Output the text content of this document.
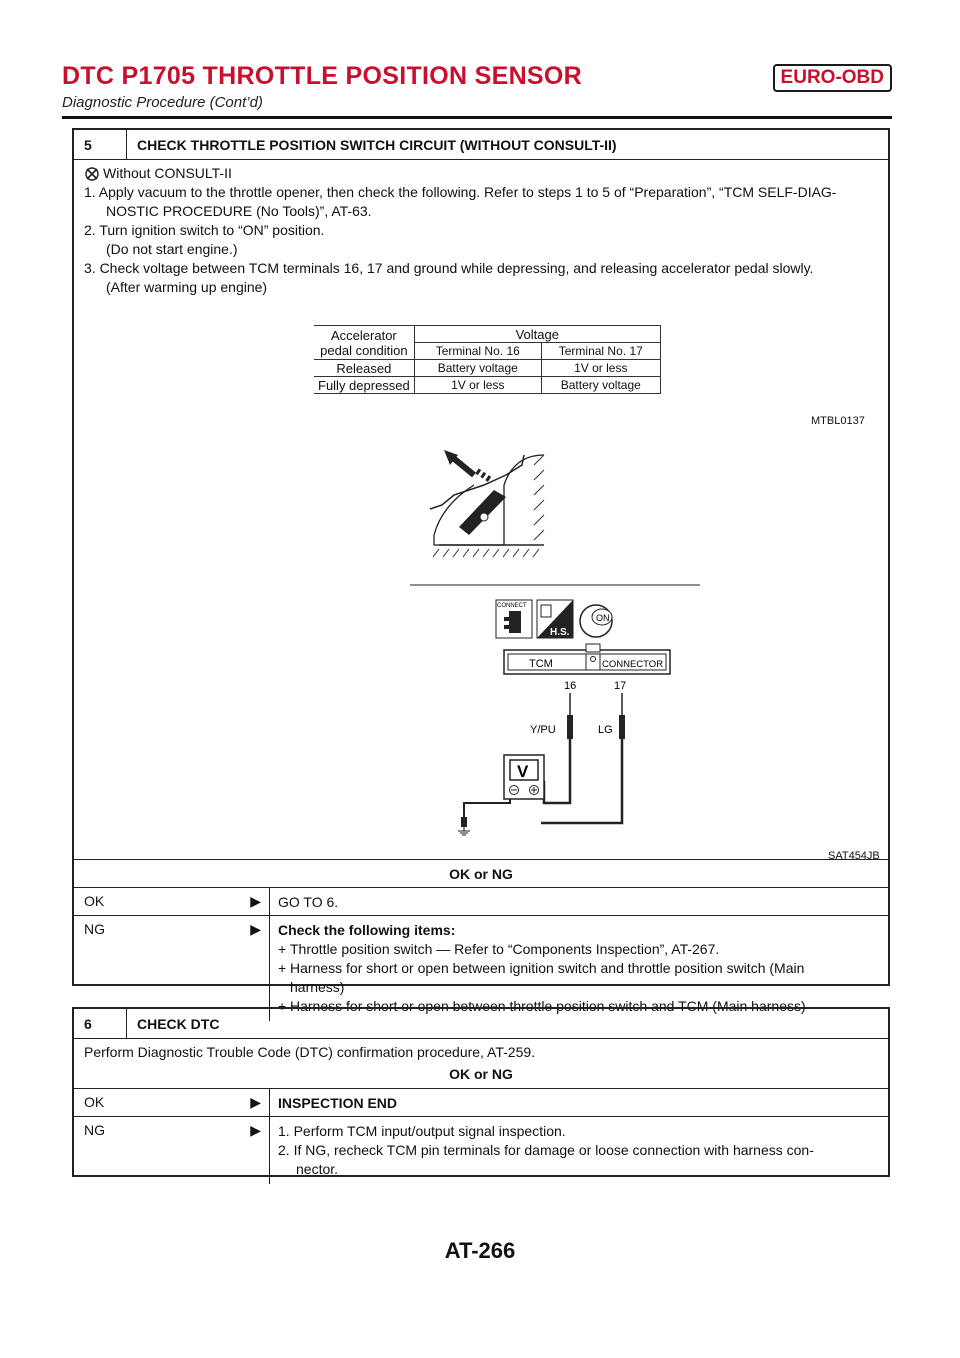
DTC P1705 THROTTLE POSITION SENSOR	EURO-OBD
Diagnostic Procedure (Cont’d)
5	CHECK THROTTLE POSITION SWITCH CIRCUIT (WITHOUT CONSULT-II)
Without CONSULT-II
1. Apply vacuum to the throttle opener, then check the following. Refer to steps 1 to 5 of “Preparation”, “TCM SELF-DIAG-
NOSTIC PROCEDURE (No Tools)”, AT-63.
2. Turn ignition switch to “ON” position.
(Do not start engine.)
3. Check voltage between TCM terminals 16, 17 and ground while depressing, and releasing accelerator pedal slowly.
(After warming up engine)
Accelerator
pedal condition	Voltage	
	Terminal No. 16	Terminal No. 17
Released	Battery voltage	1V or less
Fully depressed	1V or less	Battery voltage
MTBL0137
CONNECT
H.S.
ON
TCM	CONNECTOR
16	17
Y/PU	LG
V
SAT454JB
OK or NG
OK	▶	GO TO 6.
NG	▶ Check the following items:
+ Throttle position switch — Refer to “Components Inspection”, AT-267.
+ Harness for short or open between ignition switch and throttle position switch (Main
harness)
+ Harness for short or open between throttle position switch and TCM (Main harness)
6	CHECK DTC
Perform Diagnostic Trouble Code (DTC) confirmation procedure, AT-259.
OK or NG
OK	▶	INSPECTION END
NG	▶ 1. Perform TCM input/output signal inspection.
2. If NG, recheck TCM pin terminals for damage or loose connection with harness con-
nector.
AT-266
